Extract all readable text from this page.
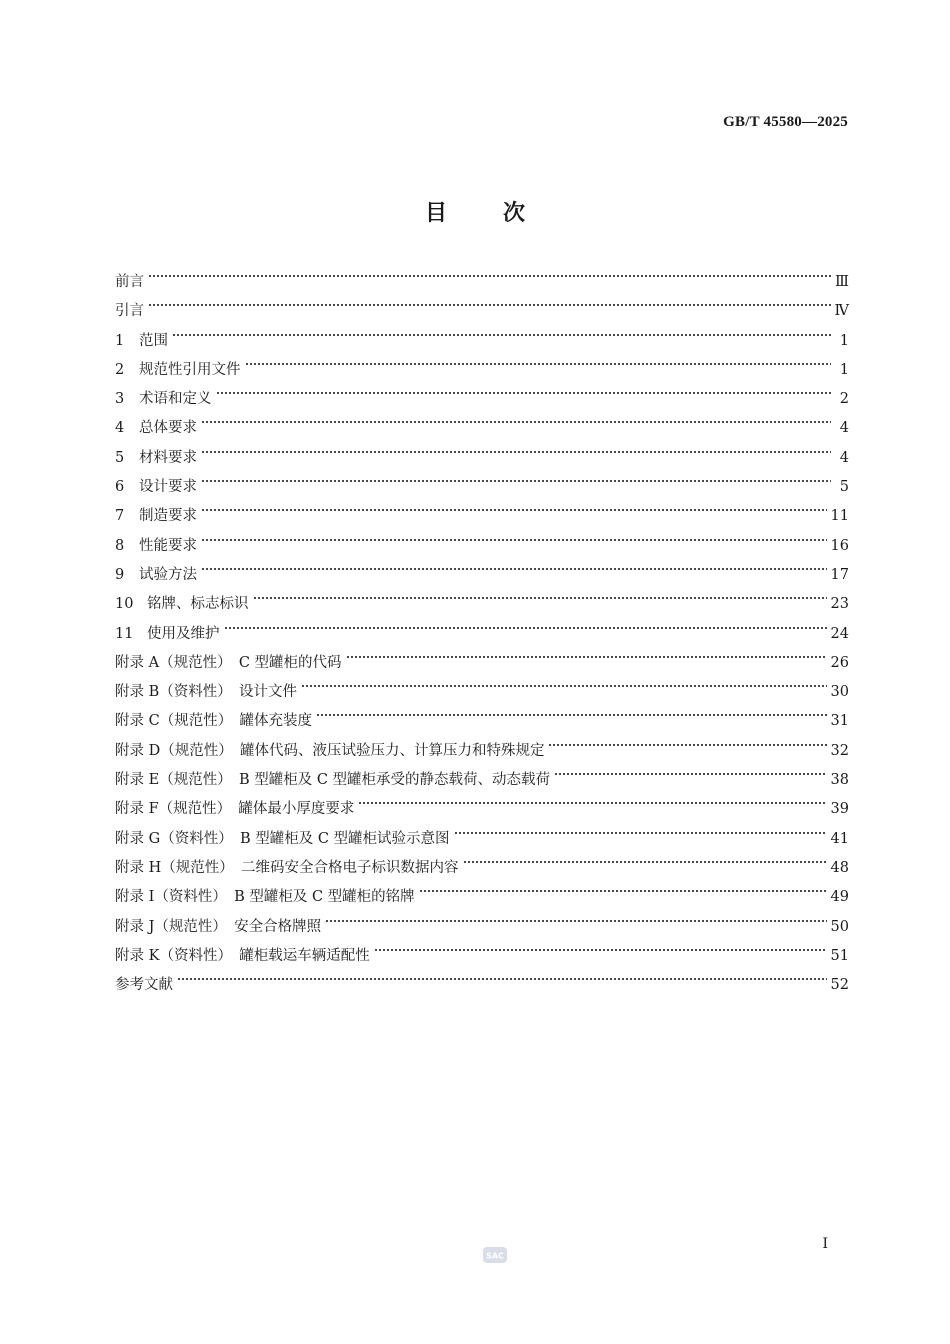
GB/T 45580—2025
目	次
前言	Ⅲ
引言	Ⅳ
1 范围	1
2 规范性引用文件	1
3 术语和定义	2
4 总体要求	4
5 材料要求	4
6 设计要求	5
7 制造要求	11
8 性能要求	16
9 试验方法	17
10 铭牌、标志标识	23
11 使用及维护	24
附录 A（规范性）　C 型罐柜的代码	26
附录 B（资料性）　设计文件	30
附录 C（规范性）　罐体充装度	31
附录 D（规范性）　罐体代码、液压试验压力、计算压力和特殊规定	32
附录 E（规范性）　B 型罐柜及 C 型罐柜承受的静态载荷、动态载荷	38
附录 F（规范性）　罐体最小厚度要求	39
附录 G（资料性）　B 型罐柜及 C 型罐柜试验示意图	41
附录 H（规范性）　二维码安全合格电子标识数据内容	48
附录 I（资料性）　B 型罐柜及 C 型罐柜的铭牌	49
附录 J（规范性）　安全合格牌照	50
附录 K（资料性）　罐柜载运车辆适配性	51
参考文献	52
Ⅰ
SAC
